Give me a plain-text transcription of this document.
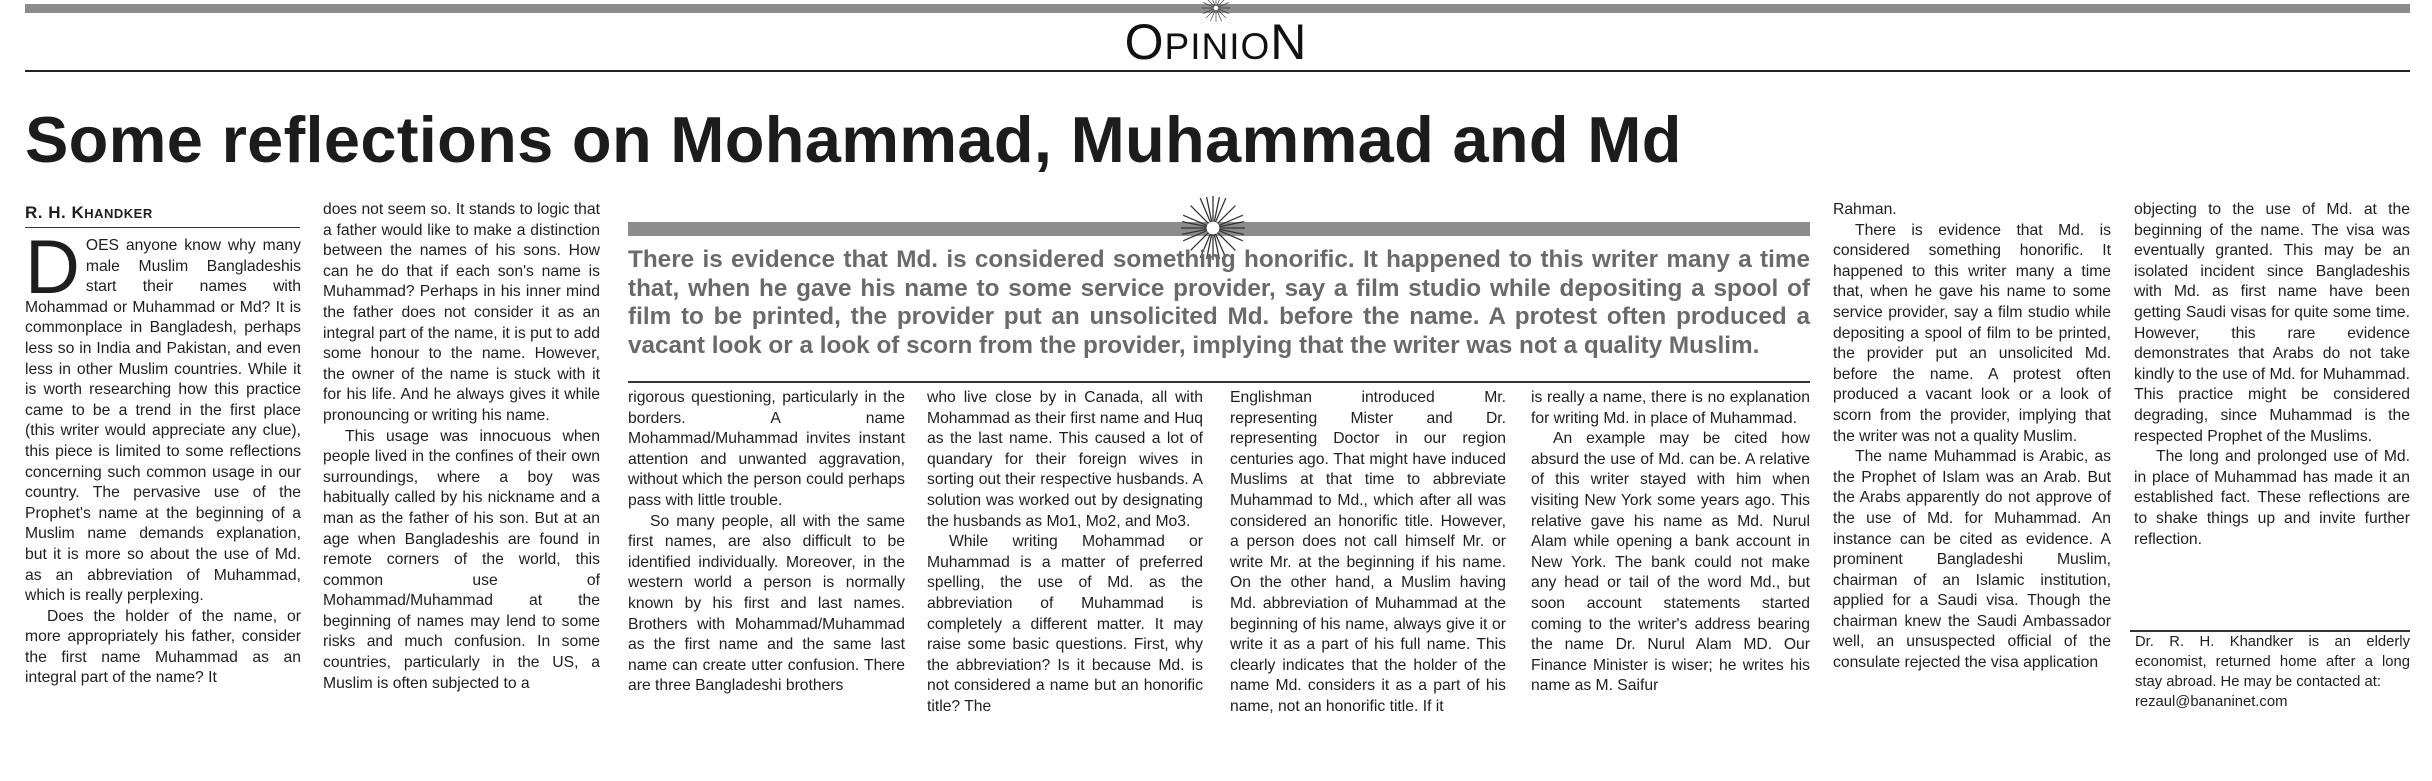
OPINION
Some reflections on Mohammad, Muhammad and Md
R. H. KHANDKER

DOES anyone know why many male Muslim Bangladeshis start their names with Mohammad or Muhammad or Md? It is commonplace in Bangladesh, perhaps less so in India and Pakistan, and even less in other Muslim countries. While it is worth researching how this practice came to be a trend in the first place (this writer would appreciate any clue), this piece is limited to some reflections concerning such common usage in our country. The pervasive use of the Prophet's name at the beginning of a Muslim name demands explanation, but it is more so about the use of Md. as an abbreviation of Muhammad, which is really perplexing.

Does the holder of the name, or more appropriately his father, consider the first name Muhammad as an integral part of the name? It

does not seem so. It stands to logic that a father would like to make a distinction between the names of his sons. How can he do that if each son's name is Muhammad? Perhaps in his inner mind the father does not consider it as an integral part of the name, it is put to add some honour to the name. However, the owner of the name is stuck with it for his life. And he always gives it while pronouncing or writing his name.

This usage was innocuous when people lived in the confines of their own surroundings, where a boy was habitually called by his nickname and a man as the father of his son. But at an age when Bangladeshis are found in remote corners of the world, this common use of Mohammad/Muhammad at the beginning of names may lend to some risks and much confusion. In some countries, particularly in the US, a Muslim is often subjected to a

There is evidence that Md. is considered something honorific. It happened to this writer many a time that, when he gave his name to some service provider, say a film studio while depositing a spool of film to be printed, the provider put an unsolicited Md. before the name. A protest often produced a vacant look or a look of scorn from the provider, implying that the writer was not a quality Muslim.

rigorous questioning, particularly in the borders. A name Mohammad/Muhammad invites instant attention and unwanted aggravation, without which the person could perhaps pass with little trouble.

So many people, all with the same first names, are also difficult to be identified individually. Moreover, in the western world a person is normally known by his first and last names. Brothers with Mohammad/Muhammad as the first name and the same last name can create utter confusion. There are three Bangladeshi brothers

who live close by in Canada, all with Mohammad as their first name and Huq as the last name. This caused a lot of quandary for their foreign wives in sorting out their respective husbands. A solution was worked out by designating the husbands as Mo1, Mo2, and Mo3.

While writing Mohammad or Muhammad is a matter of preferred spelling, the use of Md. as the abbreviation of Muhammad is completely a different matter. It may raise some basic questions. First, why the abbreviation? Is it because Md. is not considered a name but an honorific title? The

Englishman introduced Mr. representing Mister and Dr. representing Doctor in our region centuries ago. That might have induced Muslims at that time to abbreviate Muhammad to Md., which after all was considered an honorific title. However, a person does not call himself Mr. or write Mr. at the beginning if his name. On the other hand, a Muslim having Md. abbreviation of Muhammad at the beginning of his name, always give it or write it as a part of his full name. This clearly indicates that the holder of the name Md. considers it as a part of his name, not an honorific title. If it

is really a name, there is no explanation for writing Md. in place of Muhammad.

An example may be cited how absurd the use of Md. can be. A relative of this writer stayed with him when visiting New York some years ago. This relative gave his name as Md. Nurul Alam while opening a bank account in New York. The bank could not make any head or tail of the word Md., but soon account statements started coming to the writer's address bearing the name Dr. Nurul Alam MD. Our Finance Minister is wiser; he writes his name as M. Saifur

Rahman.

There is evidence that Md. is considered something honorific. It happened to this writer many a time that, when he gave his name to some service provider, say a film studio while depositing a spool of film to be printed, the provider put an unsolicited Md. before the name. A protest often produced a vacant look or a look of scorn from the provider, implying that the writer was not a quality Muslim.

The name Muhammad is Arabic, as the Prophet of Islam was an Arab. But the Arabs apparently do not approve of the use of Md. for Muhammad. An instance can be cited as evidence. A prominent Bangladeshi Muslim, chairman of an Islamic institution, applied for a Saudi visa. Though the chairman knew the Saudi Ambassador well, an unsuspected official of the consulate rejected the visa application

objecting to the use of Md. at the beginning of the name. The visa was eventually granted. This may be an isolated incident since Bangladeshis with Md. as first name have been getting Saudi visas for quite some time. However, this rare evidence demonstrates that Arabs do not take kindly to the use of Md. for Muhammad. This practice might be considered degrading, since Muhammad is the respected Prophet of the Muslims.

The long and prolonged use of Md. in place of Muhammad has made it an established fact. These reflections are to shake things up and invite further reflection.

Dr. R. H. Khandker is an elderly economist, returned home after a long stay abroad. He may be contacted at:
rezaul@bananinet.com
